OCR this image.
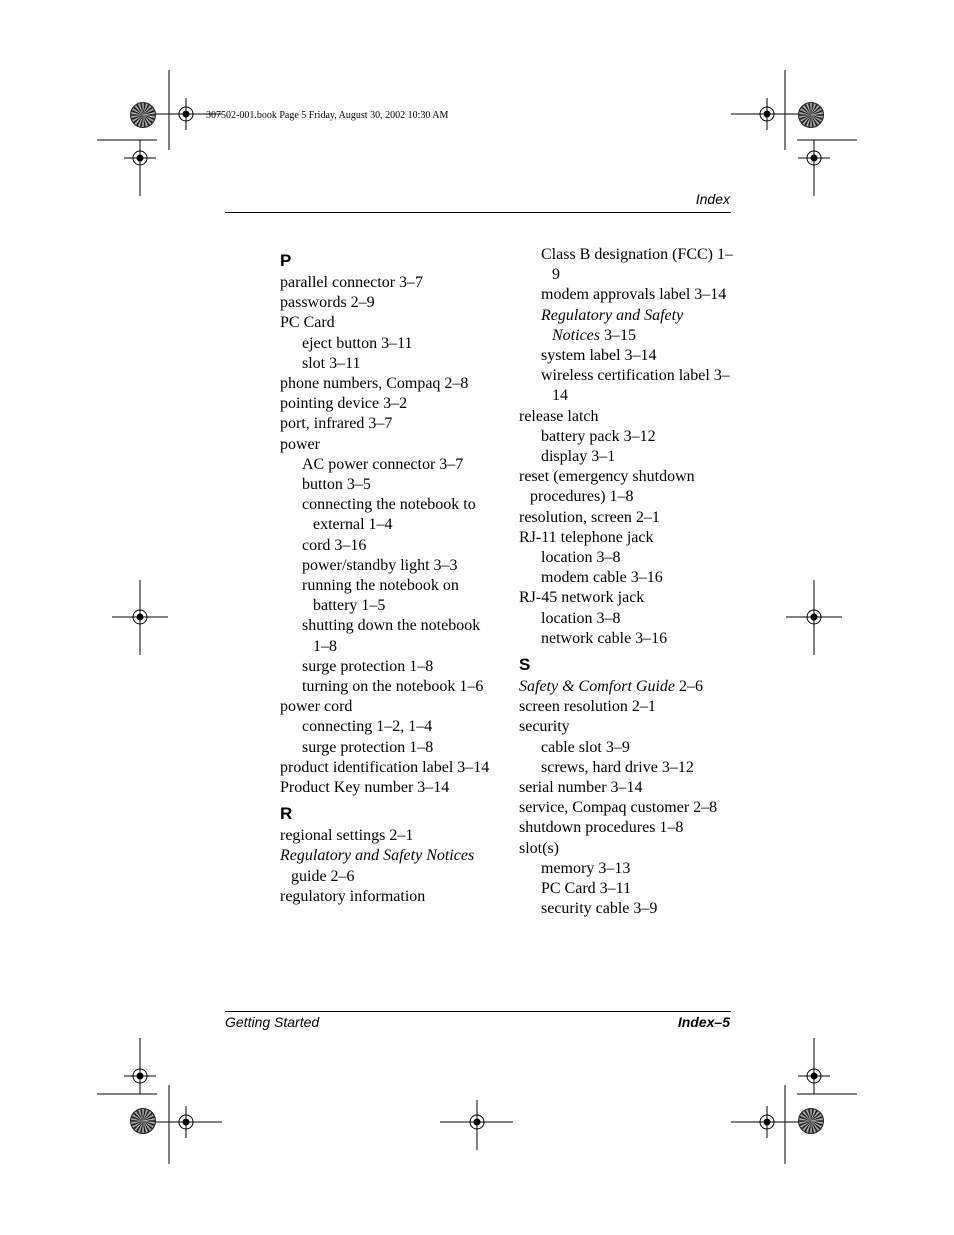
307502-001.book Page 5 Friday, August 30, 2002 10:30 AM
Index
P
parallel connector 3–7
passwords 2–9
PC Card
eject button 3–11
slot 3–11
phone numbers, Compaq 2–8
pointing device 3–2
port, infrared 3–7
power
AC power connector 3–7
button 3–5
connecting the notebook to external 1–4
cord 3–16
power/standby light 3–3
running the notebook on battery 1–5
shutting down the notebook 1–8
surge protection 1–8
turning on the notebook 1–6
power cord
connecting 1–2, 1–4
surge protection 1–8
product identification label 3–14
Product Key number 3–14
R
regional settings 2–1
Regulatory and Safety Notices guide 2–6
regulatory information
Class B designation (FCC) 1–9
modem approvals label 3–14
Regulatory and Safety Notices 3–15
system label 3–14
wireless certification label 3–14
release latch
battery pack 3–12
display 3–1
reset (emergency shutdown procedures) 1–8
resolution, screen 2–1
RJ-11 telephone jack
location 3–8
modem cable 3–16
RJ-45 network jack
location 3–8
network cable 3–16
S
Safety & Comfort Guide 2–6
screen resolution 2–1
security
cable slot 3–9
screws, hard drive 3–12
serial number 3–14
service, Compaq customer 2–8
shutdown procedures 1–8
slot(s)
memory 3–13
PC Card 3–11
security cable 3–9
Getting Started	Index–5
